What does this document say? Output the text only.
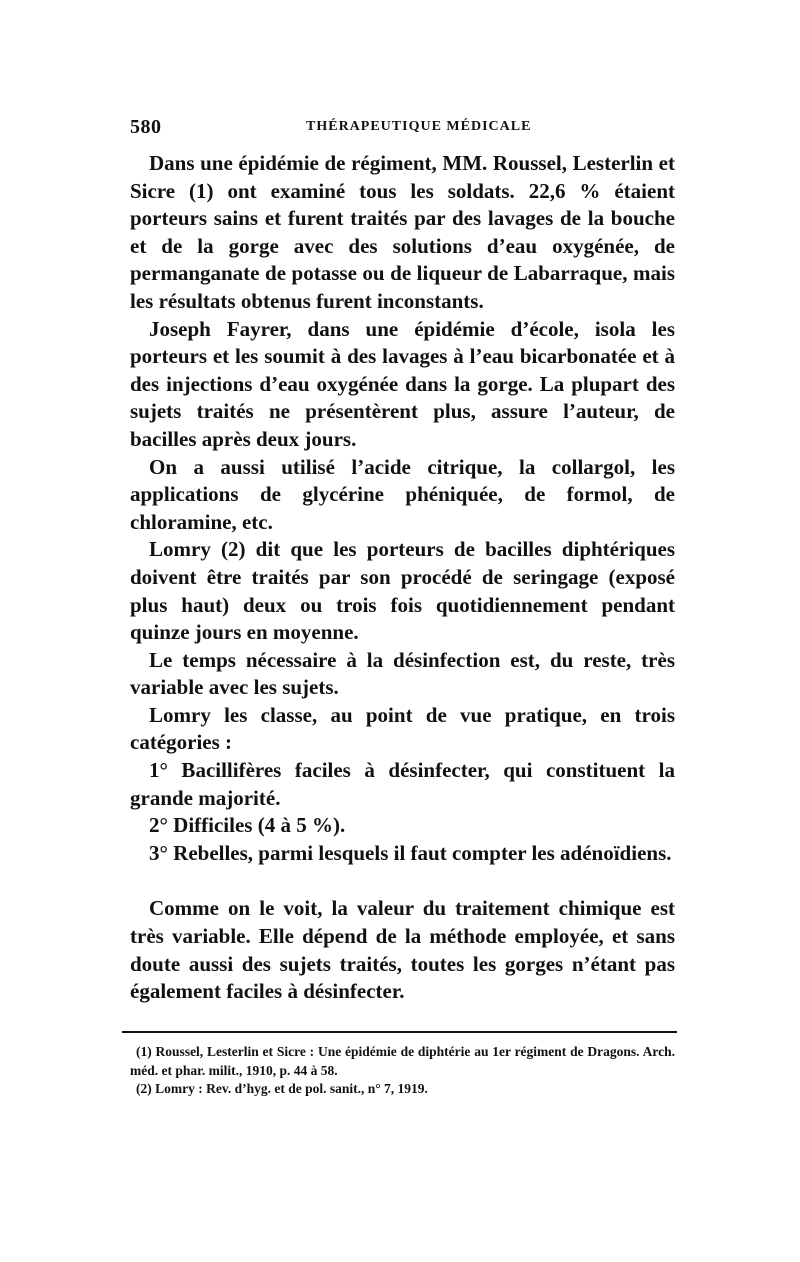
580	THÉRAPEUTIQUE MÉDICALE

Dans une épidémie de régiment, MM. Roussel, Lesterlin et Sicre (1) ont examiné tous les soldats. 22,6 % étaient porteurs sains et furent traités par des lavages de la bouche et de la gorge avec des solutions d’eau oxygénée, de permanganate de potasse ou de liqueur de Labarraque, mais les résultats obtenus furent inconstants.

Joseph Fayrer, dans une épidémie d’école, isola les porteurs et les soumit à des lavages à l’eau bicarbonatée et à des injections d’eau oxygénée dans la gorge. La plupart des sujets traités ne présentèrent plus, assure l’auteur, de bacilles après deux jours.

On a aussi utilisé l’acide citrique, la collargol, les applications de glycérine phéniquée, de formol, de chloramine, etc.

Lomry (2) dit que les porteurs de bacilles diphtériques doivent être traités par son procédé de seringage (exposé plus haut) deux ou trois fois quotidiennement pendant quinze jours en moyenne.

Le temps nécessaire à la désinfection est, du reste, très variable avec les sujets.

Lomry les classe, au point de vue pratique, en trois catégories :

1° Bacillifères faciles à désinfecter, qui constituent la grande majorité.

2° Difficiles (4 à 5 %).

3° Rebelles, parmi lesquels il faut compter les adénoïdiens.

Comme on le voit, la valeur du traitement chimique est très variable. Elle dépend de la méthode employée, et sans doute aussi des sujets traités, toutes les gorges n’étant pas également faciles à désinfecter.

(1) Roussel, Lesterlin et Sicre : Une épidémie de diphtérie au 1er régiment de Dragons. Arch. méd. et phar. milit., 1910, p. 44 à 58.

(2) Lomry : Rev. d’hyg. et de pol. sanit., n° 7, 1919.
